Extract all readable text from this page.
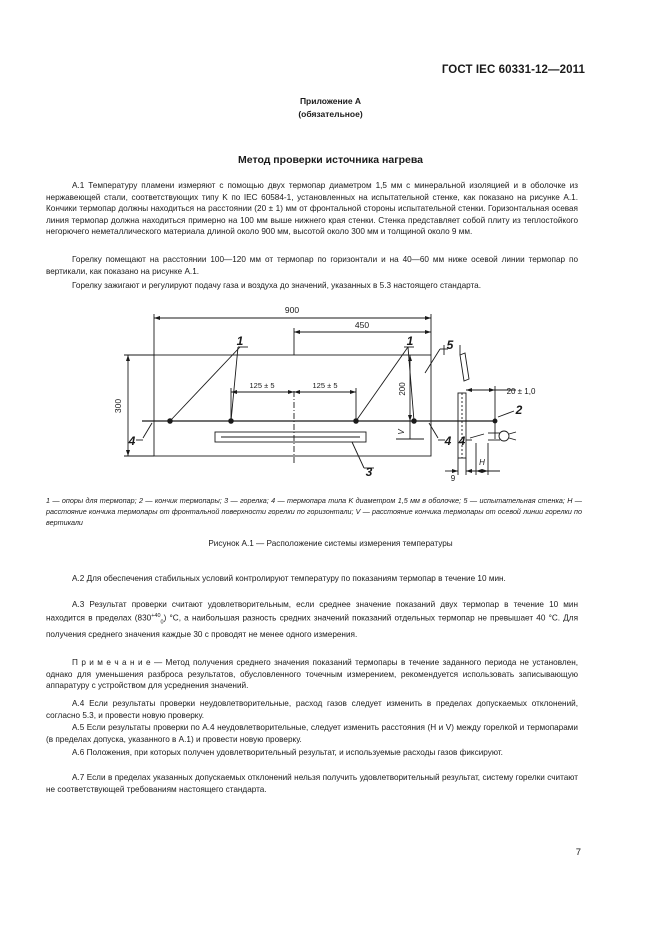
ГОСТ IEC 60331-12—2011
Приложение А
(обязательное)
Метод проверки источника нагрева

А.1 Температуру пламени измеряют с помощью двух термопар диаметром 1,5 мм с минеральной изоляцией и в оболочке из нержавеющей стали, соответствующих типу K по IEC 60584-1, установленных на испытательной стенке, как показано на рисунке А.1. Кончики термопар должны находиться на расстоянии (20 ± 1) мм от фронтальной стороны испытательной стенки. Горизонтальная осевая линия термопар должна находиться примерно на 100 мм выше нижнего края стенки. Стенка представляет собой плиту из теплостойкого негорючего неметаллического материала длиной около 900 мм, высотой около 300 мм и толщиной около 9 мм.

Горелку помещают на расстоянии 100—120 мм от термопар по горизонтали и на 40—60 мм ниже осевой линии термопар по вертикали, как показано на рисунке А.1.

Горелку зажигают и регулируют подачу газа и воздуха до значений, указанных в 5.3 настоящего стандарта.

900
450
300
200
125 ± 5	125 ± 5
20 ± 1,0
9
V
H
1	1
2
3
4	4 4
5
1 — опоры для термопар; 2 — кончик термопары; 3 — горелка; 4 — термопара типа K диаметром 1,5 мм в оболочке; 5 — испытательная стенка; H — расстояние кончика термопары от фронтальной поверхности горелки по горизонтали; V — расстояние кончика термопары от осевой линии горелки по вертикали
Рисунок А.1 — Расположение системы измерения температуры

А.2 Для обеспечения стабильных условий контролируют температуру по показаниям термопар в течение 10 мин.

А.3 Результат проверки считают удовлетворительным, если среднее значение показаний двух термопар в течение 10 мин находится в пределах $(830^{+40}_0)$ °С, а наибольшая разность средних значений показаний отдельных термопар не превышает 40 °С. Для получения среднего значения каждые 30 с проводят не менее одного измерения.

П р и м е ч а н и е — Метод получения среднего значения показаний термопары в течение заданного периода не установлен, однако для уменьшения разброса результатов, обусловленного точечным измерением, рекомендуется использовать записывающую аппаратуру с устройством для усреднения значений.

А.4 Если результаты проверки неудовлетворительные, расход газов следует изменить в пределах допускаемых отклонений, согласно 5.3, и провести новую проверку.

А.5 Если результаты проверки по А.4 неудовлетворительные, следует изменить расстояния (H и V) между горелкой и термопарами (в пределах допуска, указанного в А.1) и провести новую проверку.

А.6 Положения, при которых получен удовлетворительный результат, и используемые расходы газов фиксируют.

А.7 Если в пределах указанных допускаемых отклонений нельзя получить удовлетворительный результат, систему горелки считают не соответствующей требованиям настоящего стандарта.

7
